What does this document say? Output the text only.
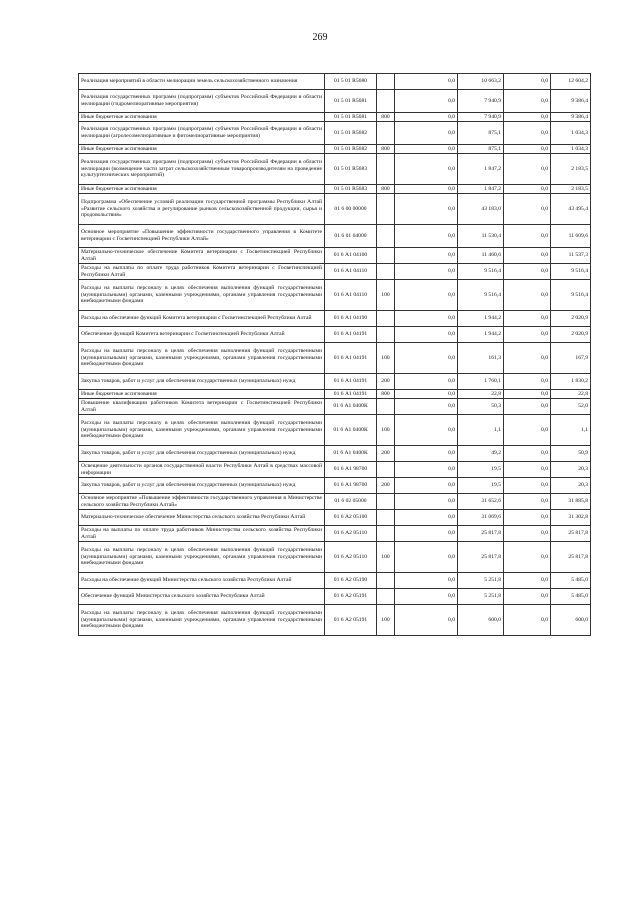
269
Реализация мероприятий в области мелиорации земель сельскохозяйственного назначения	01 5 01 R5680		0,0	10 663,2	0,0	12 604,2
Реализация государственных программ (подпрограмм) субъектов Российской Федерации в области мелиорации (гидромелиоративные мероприятия)	01 5 01 R5681		0,0	7 940,9	0,0	9 386,4
Иные бюджетные ассигнования	01 5 01 R5681	800	0,0	7 940,9	0,0	9 386,4
Реализация государственных программ (подпрограмм) субъектов Российской Федерации в области мелиорации (агролесомелиоративные и фитомелиоративные мероприятия)	01 5 01 R5682		0,0	875,1	0,0	1 034,3
Иные бюджетные ассигнования	01 5 01 R5682	800	0,0	875,1	0,0	1 034,3
Реализация государственных программ (подпрограмм) субъектов Российской Федерации в области мелиорации (возмещение части затрат сельскохозяйственным товаропроизводителям на проведение культуртехнических мероприятий)	01 5 01 R5683		0,0	1 847,2	0,0	2 183,5
Иные бюджетные ассигнования	01 5 01 R5683	800	0,0	1 847,2	0,0	2 183,5
Подпрограмма «Обеспечение условий реализации государственной программы Республики Алтай «Развитие сельского хозяйства и регулирование рынков сельскохозяйственной продукции, сырья и продовольствия»	01 6 00 00000		0,0	43 183,0	0,0	43 495,4
Основное мероприятие «Повышение эффективности государственного управления в Комитете ветеринарии с Госветинспекцией Республики Алтай»	01 6 01 04000		0,0	11 530,4	0,0	11 609,6
Материально-техническое обеспечение Комитета ветеринарии с Госветинспекцией Республики Алтай	01 6 А1 04100		0,0	11 460,6	0,0	11 537,3
Расходы на выплаты по оплате труда работников Комитета ветеринарии с Госветинспекцией Республики Алтай	01 6 А1 04110		0,0	9 516,4	0,0	9 516,4
Расходы на выплаты персоналу в целях обеспечения выполнения функций государственными (муниципальными) органами, казенными учреждениями, органами управления государственными внебюджетными фондами	01 6 А1 04110	100	0,0	9 516,4	0,0	9 516,4
Расходы на обеспечение функций Комитета ветеринарии с Госветинспекцией Республики Алтай	01 6 А1 04190		0,0	1 944,2	0,0	2 020,9
Обеспечение функций Комитета ветеринарии с Госветинспекцией Республики Алтай	01 6 А1 04191		0,0	1 944,2	0,0	2 020,9
Расходы на выплаты персоналу в целях обеспечения выполнения функций государственными (муниципальными) органами, казенными учреждениями, органами управления государственными внебюджетными фондами	01 6 А1 04191	100	0,0	161,3	0,0	167,9
Закупка товаров, работ и услуг для обеспечения государственных (муниципальных) нужд	01 6 А1 04191	200	0,0	1 760,1	0,0	1 830,2
Иные бюджетные ассигнования	01 6 А1 04191	800	0,0	22,8	0,0	22,8
Повышение квалификации работников Комитета ветеринарии с Госветинспекцией Республики Алтай	01 6 А1 0400К		0,0	50,3	0,0	52,0
Расходы на выплаты персоналу в целях обеспечения выполнения функций государственными (муниципальными) органами, казенными учреждениями, органами управления государственными внебюджетными фондами	01 6 А1 0400К	100	0,0	1,1	0,0	1,1
Закупка товаров, работ и услуг для обеспечения государственных (муниципальных) нужд	01 6 А1 0400К	200	0,0	49,2	0,0	50,9
Освещение деятельности органов государственной власти Республики Алтай в средствах массовой информации	01 6 А1 98700		0,0	19,5	0,0	20,3
Закупка товаров, работ и услуг для обеспечения государственных (муниципальных) нужд	01 6 А1 98700	200	0,0	19,5	0,0	20,3
Основное мероприятие «Повышение эффективности государственного управления в Министерстве сельского хозяйства Республики Алтай»	01 6 02 05000		0,0	31 652,6	0,0	31 885,8
Материально-техническое обеспечение Министерства сельского хозяйства Республики Алтай	01 6 А2 05100		0,0	31 069,6	0,0	31 302,8
Расходы на выплаты по оплате труда работников Министерства сельского хозяйства Республики Алтай	01 6 А2 05110		0,0	25 817,8	0,0	25 817,8
Расходы на выплаты персоналу в целях обеспечения выполнения функций государственными (муниципальными) органами, казенными учреждениями, органами управления государственными внебюджетными фондами	01 6 А2 05110	100	0,0	25 817,8	0,0	25 817,8
Расходы на обеспечение функций Министерства сельского хозяйства Республики Алтай	01 6 А2 05190		0,0	5 251,8	0,0	5 485,0
Обеспечение функций Министерства сельского хозяйства Республики Алтай	01 6 А2 05191		0,0	5 251,8	0,0	5 485,0
Расходы на выплаты персоналу в целях обеспечения выполнения функций государственными (муниципальными) органами, казенными учреждениями, органами управления государственными внебюджетными фондами	01 6 А2 05191	100	0,0	600,0	0,0	600,0
